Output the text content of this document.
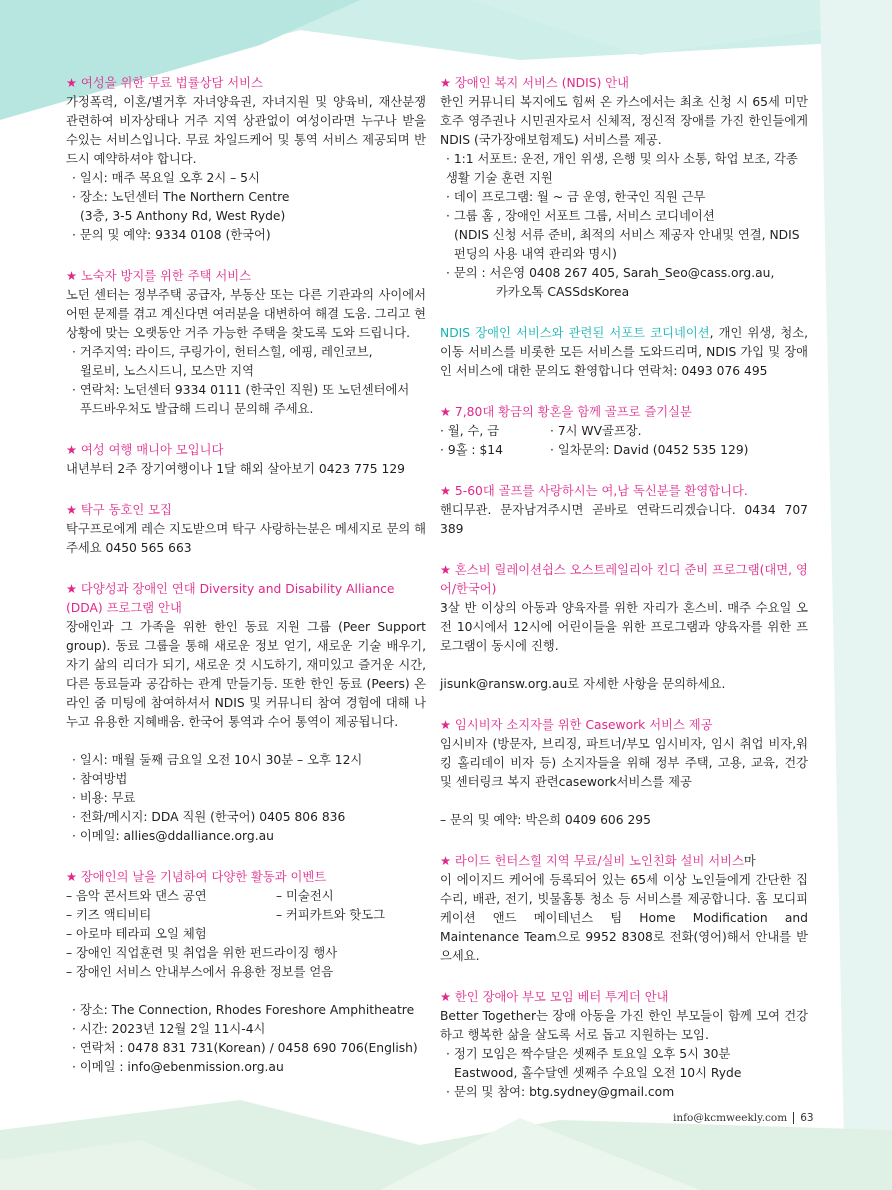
★ 여성을 위한 무료 법률상담 서비스

가정폭력, 이혼/별거후 자녀양육권, 자녀지원 및 양육비, 재산분쟁 관련하여 비자상태나 거주 지역 상관없이 여성이라면 누구나 받을 수있는 서비스입니다. 무료 차일드케어 및 통역 서비스 제공되며 반드시 예약하셔야 합니다.

· 일시: 매주 목요일 오후 2시 – 5시

· 장소: 노던센터 The Northern Centre

(3층, 3-5 Anthony Rd, West Ryde)

· 문의 및 예약: 9334 0108 (한국어)

★ 노숙자 방지를 위한 주택 서비스

노던 센터는 정부주택 공급자, 부동산 또는 다른 기관과의 사이에서 어떤 문제를 겪고 계신다면 여러분을 대변하여 해결 도움. 그리고 현 상황에 맞는 오랫동안 거주 가능한 주택을 찾도록 도와 드립니다.

· 거주지역: 라이드, 쿠링가이, 헌터스힐, 에핑, 레인코브,

윌로비, 노스시드니, 모스만 지역

· 연락처: 노던센터 9334 0111 (한국인 직원) 또 노던센터에서

푸드바우처도 발급해 드리니 문의해 주세요.

★ 여성 여행 매니아 모입니다

내년부터 2주 장기여행이나 1달 해외 살아보기 0423 775 129

★ 탁구 동호인 모집

탁구프로에게 레슨 지도받으며 탁구 사랑하는분은 메세지로 문의 해 주세요 0450 565 663

★ 다양성과 장애인 연대 Diversity and Disability Alliance (DDA) 프로그램 안내

장애인과 그 가족을 위한 한인 동료 지원 그룹 (Peer Support group). 동료 그룹을 통해 새로운 정보 얻기, 새로운 기술 배우기, 자기 삶의 리더가 되기, 새로운 것 시도하기, 재미있고 즐거운 시간, 다른 동료들과 공감하는 관계 만들기등. 또한 한인 동료 (Peers) 온라인 줌 미팅에 참여하셔서 NDIS 및 커뮤니티 참여 경험에 대해 나누고 유용한 지혜배움. 한국어 통역과 수어 통역이 제공됩니다.

· 일시: 매월 둘째 금요일 오전 10시 30분 – 오후 12시

· 참여방법

· 비용: 무료

· 전화/메시지: DDA 직원 (한국어) 0405 806 836

· 이메일: allies@ddalliance.org.au

★ 장애인의 날을 기념하여 다양한 활동과 이벤트

– 음악 콘서트와 댄스 공연	– 미술전시
– 키즈 액티비티	– 커피카트와 핫도그

– 아로마 테라피 오일 체험

– 장애인 직업훈련 및 취업을 위한 펀드라이징 행사

– 장애인 서비스 안내부스에서 유용한 정보를 얻음

· 장소: The Connection, Rhodes Foreshore Amphitheatre

· 시간: 2023년 12월 2일 11시-4시

· 연락처 : 0478 831 731(Korean) / 0458 690 706(English)

· 이메일 : info@ebenmission.org.au

★ 장애인 복지 서비스 (NDIS) 안내

한인 커뮤니티 복지에도 힘써 온 카스에서는 최초 신청 시 65세 미만 호주 영주권나 시민권자로서 신체적, 정신적 장애를 가진 한인들에게 NDIS (국가장애보험제도) 서비스를 제공.

· 1:1 서포트: 운전, 개인 위생, 은행 및 의사 소통, 학업 보조, 각종 생활 기술 훈련 지원

· 데이 프로그램: 월 ~ 금 운영, 한국인 직원 근무

· 그룹 홈 , 장애인 서포트 그룹, 서비스 코디네이션

(NDIS 신청 서류 준비, 최적의 서비스 제공자 안내및 연결, NDIS 펀딩의 사용 내역 관리와 명시)

· 문의 : 서은영 0408 267 405, Sarah_Seo@cass.org.au,

카카오톡 CASSdsKorea

NDIS 장애인 서비스와 관련된 서포트 코디네이션, 개인 위생, 청소, 이동 서비스를 비롯한 모든 서비스를 도와드리며, NDIS 가입 및 장애인 서비스에 대한 문의도 환영합니다 연락처: 0493 076 495

★ 7,80대 황금의 황혼을 함께 골프로 즐기실분

· 월, 수, 금	· 7시 WV골프장.
· 9홀 : $14	· 일차문의: David (0452 535 129)

★ 5-60대 골프를 사랑하시는 여,남 독신분를 환영합니다.

핸디무관. 문자남겨주시면 곧바로 연락드리겠습니다. 0434 707 389

★ 혼스비 릴레이션쉽스 오스트레일리아 킨디 준비 프로그램(대면, 영어/한국어)

3살 반 이상의 아동과 양육자를 위한 자리가 혼스비. 매주 수요일 오전 10시에서 12시에 어린이들을 위한 프로그램과 양육자를 위한 프로그램이 동시에 진행.

jisunk@ransw.org.au로 자세한 사항을 문의하세요.

★ 임시비자 소지자를 위한 Casework 서비스 제공

임시비자 (방문자, 브리징, 파트너/부모 임시비자, 임시 취업 비자,워킹 홀리데이 비자 등) 소지자들을 위해 정부 주택, 고용, 교육, 건강 및 센터링크 복지 관련casework서비스를 제공

– 문의 및 예약: 박은희 0409 606 295

★ 라이드 헌터스힐 지역 무료/실비 노인친화 설비 서비스마

이 에이지드 케어에 등록되어 있는 65세 이상 노인들에게 간단한 집수리, 배관, 전기, 빗물홈통 청소 등 서비스를 제공합니다. 홈 모디피케이션 앤드 메이테넌스 팀 Home Modification and Maintenance Team으로 9952 8308로 전화(영어)해서 안내를 받으세요.

★ 한인 장애아 부모 모임 베터 투게더 안내

Better Together는 장애 아동을 가진 한인 부모들이 함께 모여 건강하고 행복한 삶을 살도록 서로 돕고 지원하는 모임.

· 정기 모임은 짝수달은 셋째주 토요일 오후 5시 30분

Eastwood, 홀수달엔 셋째주 수요일 오전 10시 Ryde

· 문의 및 참여: btg.sydney@gmail.com

info@kcmweekly.com 63
